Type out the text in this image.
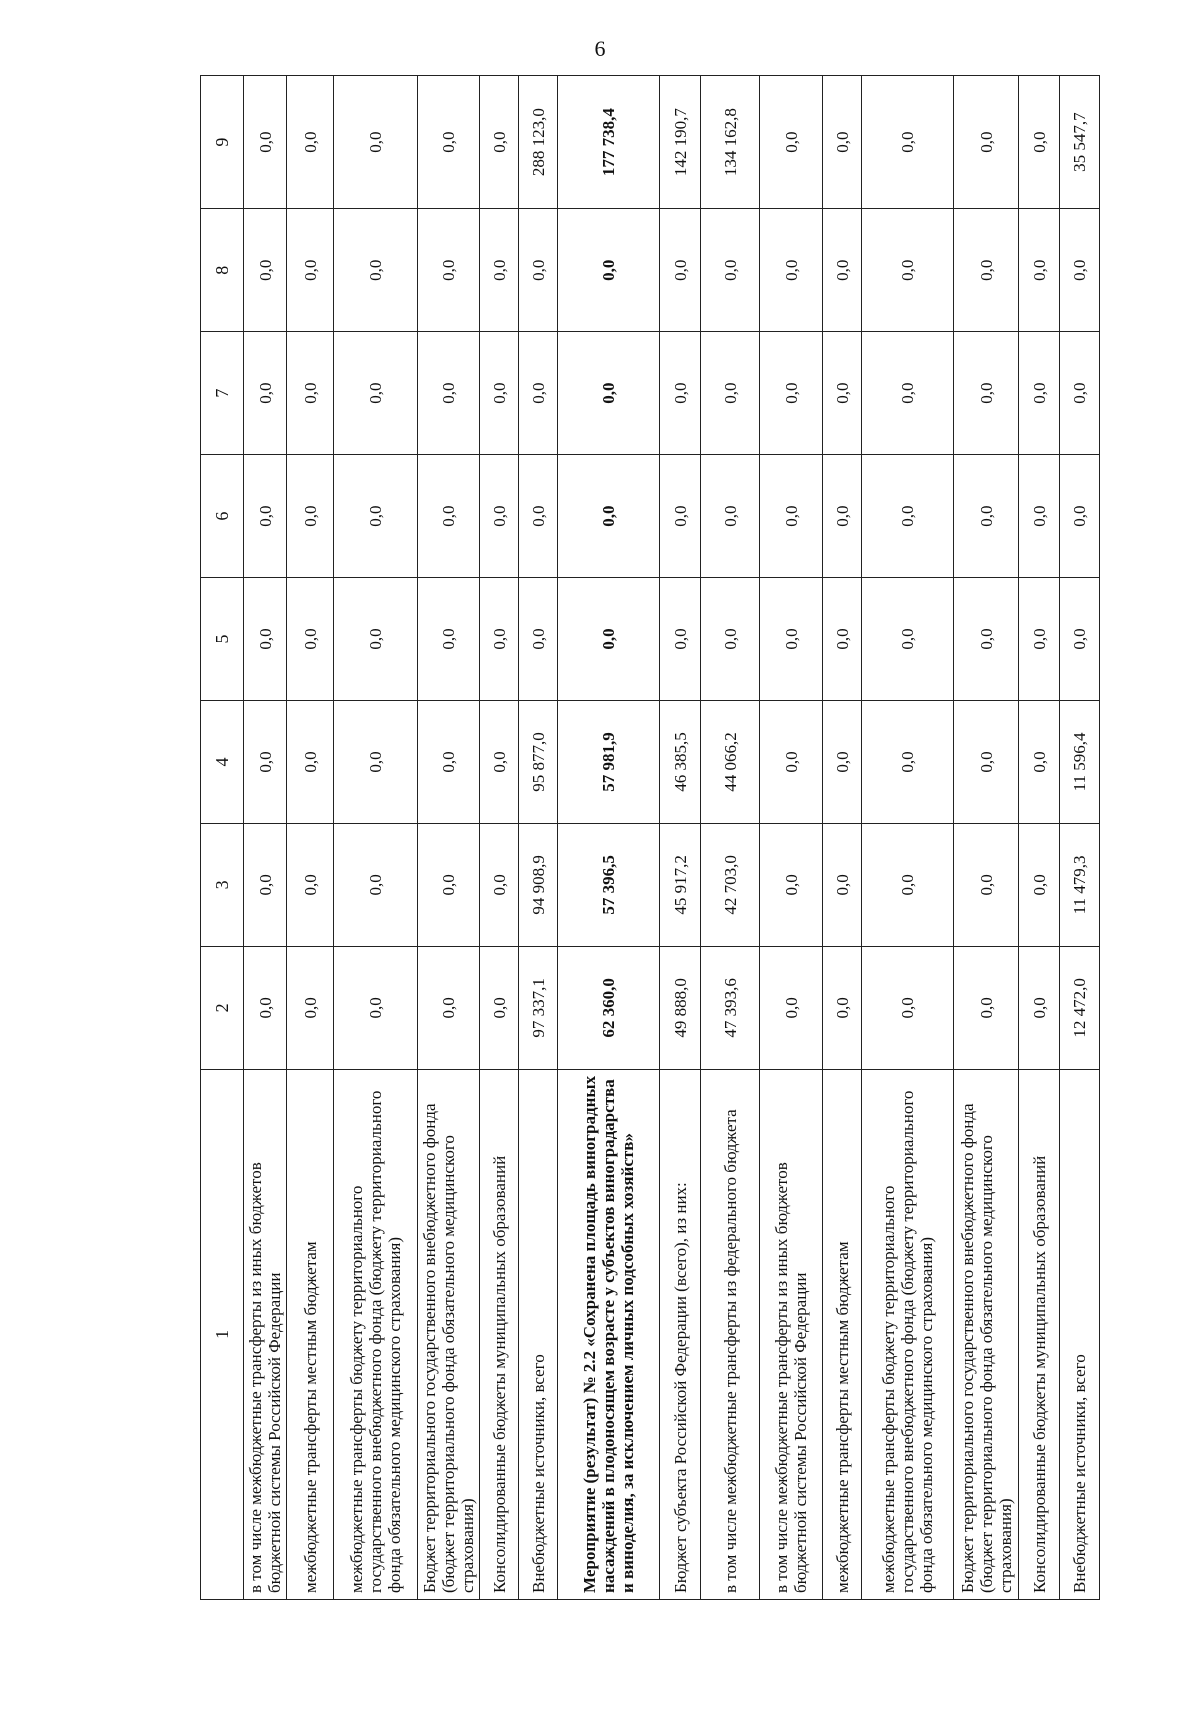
6
1	2	3	4	5	6	7	8	9
в том числе межбюджетные трансферты из иных бюджетов бюджетной системы Российской Федерации	0,0	0,0	0,0	0,0	0,0	0,0	0,0	0,0
межбюджетные трансферты местным бюджетам	0,0	0,0	0,0	0,0	0,0	0,0	0,0	0,0
межбюджетные трансферты бюджету территориального государственного внебюджетного фонда (бюджету территориального фонда обязательного медицинского страхования)	0,0	0,0	0,0	0,0	0,0	0,0	0,0	0,0
Бюджет территориального государственного внебюджетного фонда (бюджет территориального фонда обязательного медицинского страхования)	0,0	0,0	0,0	0,0	0,0	0,0	0,0	0,0
Консолидированные бюджеты муниципальных образований	0,0	0,0	0,0	0,0	0,0	0,0	0,0	0,0
Внебюджетные источники, всего	97 337,1	94 908,9	95 877,0	0,0	0,0	0,0	0,0	288 123,0
Мероприятие (результат) № 2.2 «Сохранена площадь виноградных насаждений в плодоносящем возрасте у субъектов виноградарства и виноделия, за исключением личных подсобных хозяйств»	62 360,0	57 396,5	57 981,9	0,0	0,0	0,0	0,0	177 738,4
Бюджет субъекта Российской Федерации (всего), из них:	49 888,0	45 917,2	46 385,5	0,0	0,0	0,0	0,0	142 190,7
в том числе межбюджетные трансферты из федерального бюджета	47 393,6	42 703,0	44 066,2	0,0	0,0	0,0	0,0	134 162,8
в том числе межбюджетные трансферты из иных бюджетов бюджетной системы Российской Федерации	0,0	0,0	0,0	0,0	0,0	0,0	0,0	0,0
межбюджетные трансферты местным бюджетам	0,0	0,0	0,0	0,0	0,0	0,0	0,0	0,0
межбюджетные трансферты бюджету территориального государственного внебюджетного фонда (бюджету территориального фонда обязательного медицинского страхования)	0,0	0,0	0,0	0,0	0,0	0,0	0,0	0,0
Бюджет территориального государственного внебюджетного фонда (бюджет территориального фонда обязательного медицинского страхования)	0,0	0,0	0,0	0,0	0,0	0,0	0,0	0,0
Консолидированные бюджеты муниципальных образований	0,0	0,0	0,0	0,0	0,0	0,0	0,0	0,0
Внебюджетные источники, всего	12 472,0	11 479,3	11 596,4	0,0	0,0	0,0	0,0	35 547,7
